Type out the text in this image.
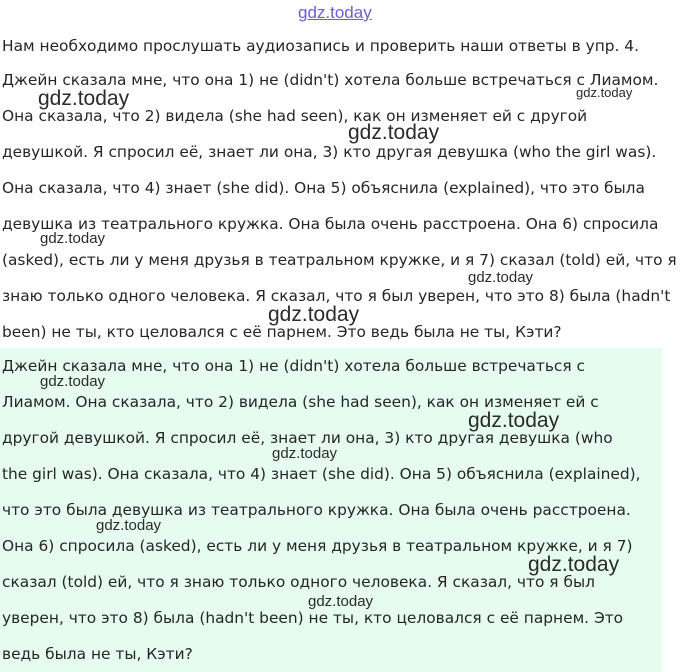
Нам необходимо прослушать аудиозапись и проверить наши ответы в упр. 4.

Джейн сказала мне, что она 1) не (didn't) хотела больше встречаться с Лиамом. Она сказала, что 2) видела (she had seen), как он изменяет ей с другой девушкой. Я спросил её, знает ли она, 3) кто другая девушка (who the girl was). Она сказала, что 4) знает (she did). Она 5) объяснила (explained), что это была девушка из театрального кружка. Она была очень расстроена. Она 6) спросила (asked), есть ли у меня друзья в театральном кружке, и я 7) сказал (told) ей, что я знаю только одного человека. Я сказал, что я был уверен, что это 8) была (hadn't been) не ты, кто целовался с её парнем. Это ведь была не ты, Кэти?

Джейн сказала мне, что она 1) не (didn't) хотела больше встречаться с Лиамом. Она сказала, что 2) видела (she had seen), как он изменяет ей с другой девушкой. Я спросил её, знает ли она, 3) кто другая девушка (who the girl was). Она сказала, что 4) знает (she did). Она 5) объяснила (explained), что это была девушка из театрального кружка. Она была очень расстроена. Она 6) спросила (asked), есть ли у меня друзья в театральном кружке, и я 7) сказал (told) ей, что я знаю только одного человека. Я сказал, что я был уверен, что это 8) была (hadn't been) не ты, кто целовался с её парнем. Это ведь была не ты, Кэти?

gdz.today
gdz.today	gdz.today
gdz.today
gdz.today
gdz.today
gdz.today
gdz.today
gdz.today
gdz.today
gdz.today
gdz.today
gdz.today
